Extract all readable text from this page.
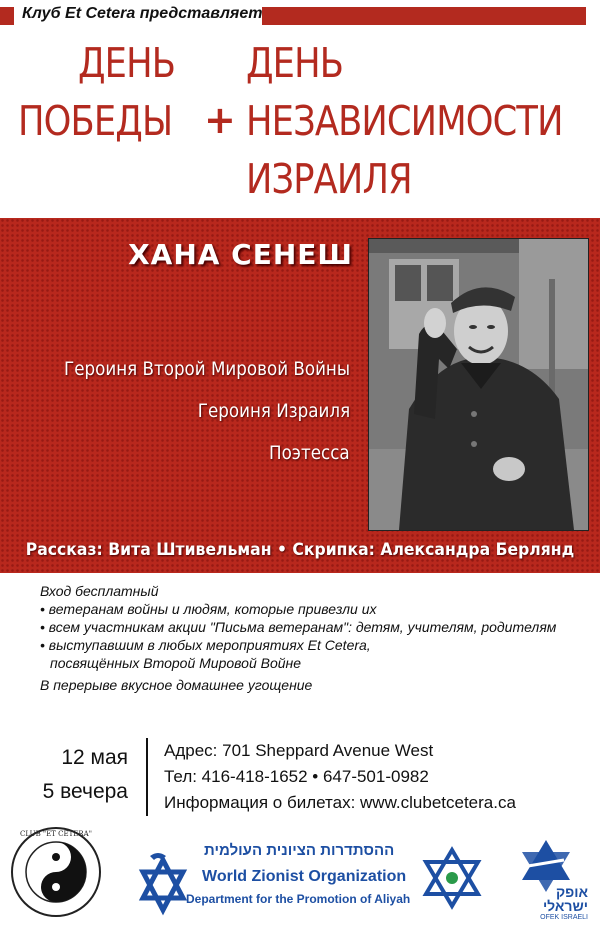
Клуб Et Cetera представляет
ДЕНЬ
ПОБЕДЫ +
ДЕНЬ
НЕЗАВИСИМОСТИ
ИЗРАИЛЯ
ХАНА СЕНЕШ
Героиня Второй Мировой Войны
Героиня Израиля
Поэтесса
Рассказ: Вита Штивельман • Скрипка: Александра Берлянд
Вход бесплатный
• ветеранам войны и людям, которые привезли их
• всем участникам акции "Письма ветеранам": детям, учителям, родителям
• выступавшим в любых мероприятиях Et Cetera,
посвящённых Второй Мировой Войне
В перерыве вкусное домашнее угощение
12 мая
5 вечера
Адрес: 701 Sheppard Avenue West
Тел: 416-418-1652 • 647-501-0982
Информация о билетах: www.clubetcetera.ca
CLUB "ET CETERA"
ההסתדרות הציונית העולמית
World Zionist Organization
Department for the Promotion of Aliyah	אופק
ישראלי
OFEK ISRAELI
